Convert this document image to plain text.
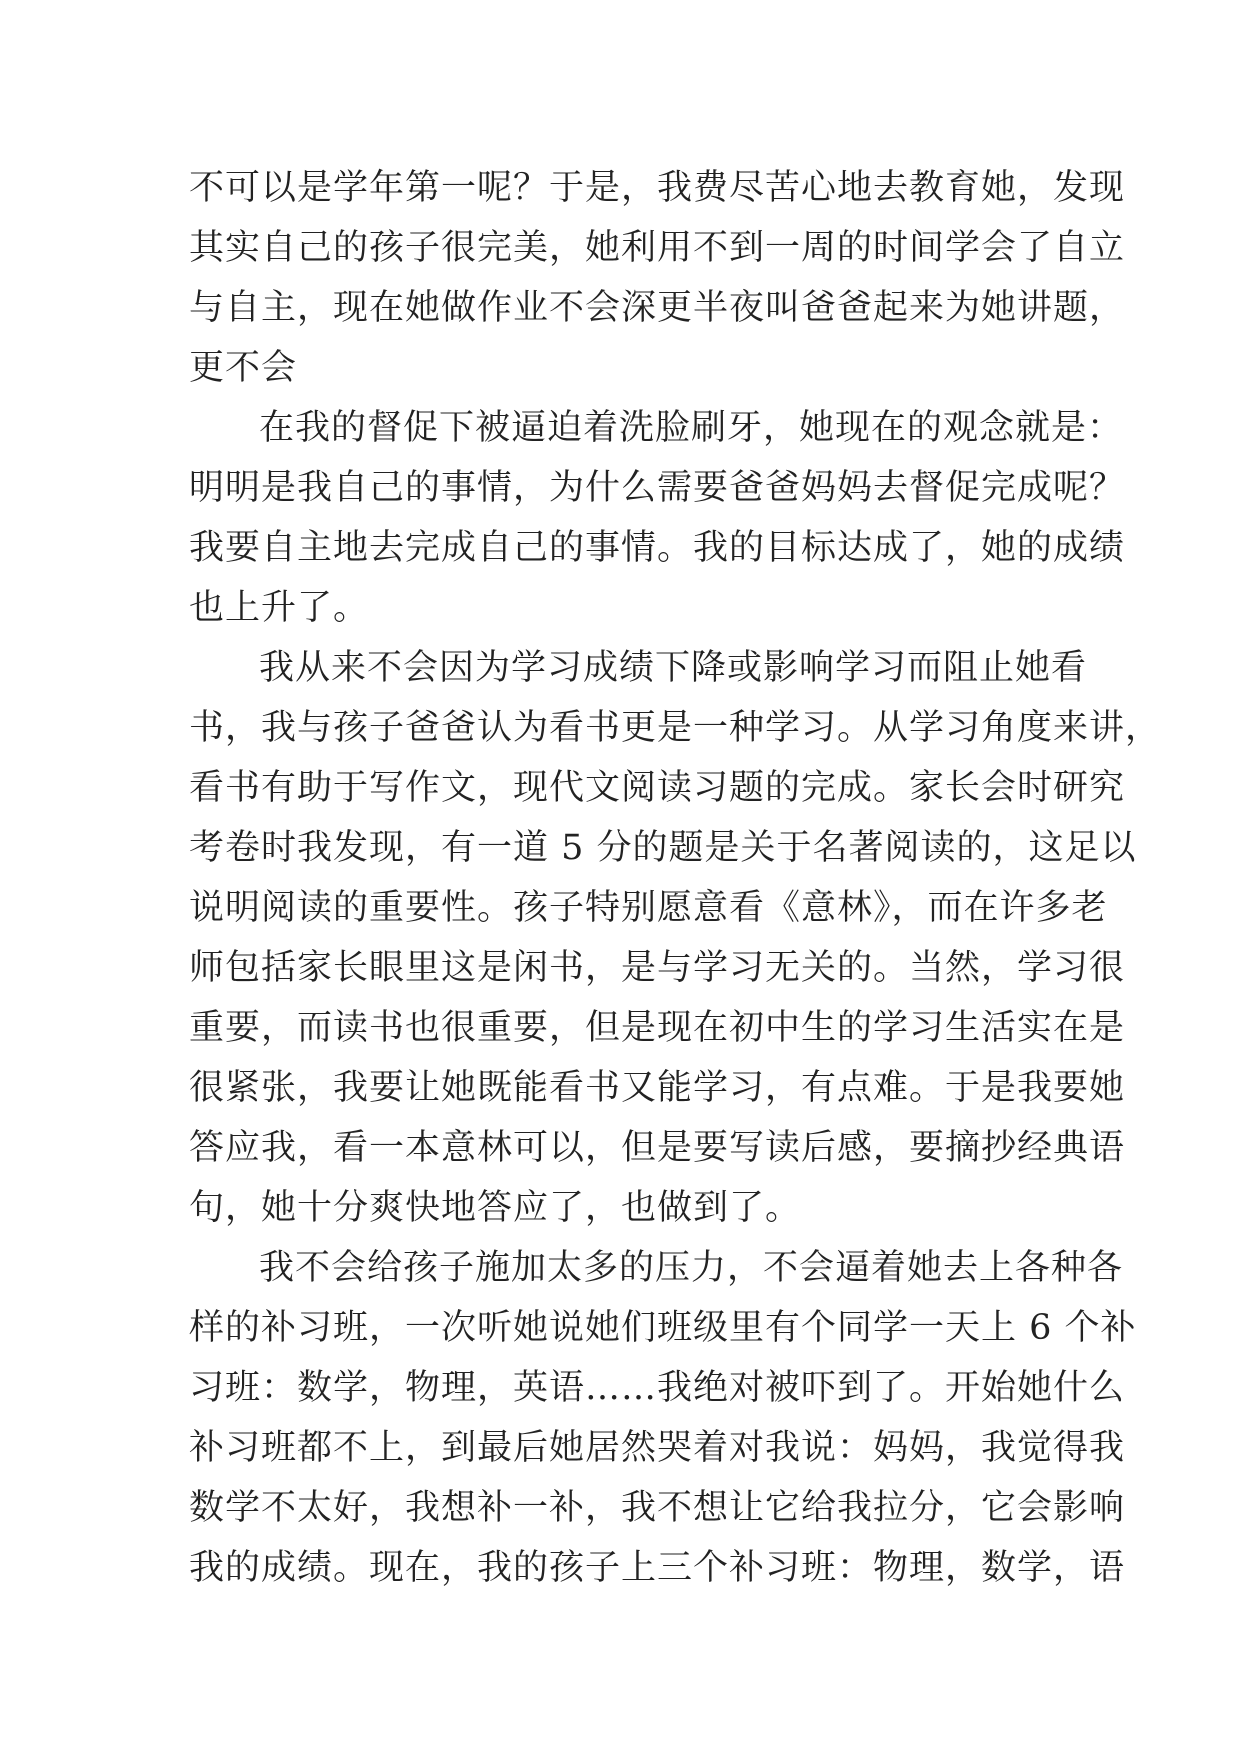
不可以是学年第一呢？于是，我费尽苦心地去教育她，发现
其实自己的孩子很完美，她利用不到一周的时间学会了自立
与自主，现在她做作业不会深更半夜叫爸爸起来为她讲题，
更不会
在我的督促下被逼迫着洗脸刷牙，她现在的观念就是：
明明是我自己的事情，为什么需要爸爸妈妈去督促完成呢？
我要自主地去完成自己的事情。我的目标达成了，她的成绩
也上升了。
我从来不会因为学习成绩下降或影响学习而阻止她看
书，我与孩子爸爸认为看书更是一种学习。从学习角度来讲，
看书有助于写作文，现代文阅读习题的完成。家长会时研究
考卷时我发现，有一道 5 分的题是关于名著阅读的，这足以
说明阅读的重要性。孩子特别愿意看《意林》，而在许多老
师包括家长眼里这是闲书，是与学习无关的。当然，学习很
重要，而读书也很重要，但是现在初中生的学习生活实在是
很紧张，我要让她既能看书又能学习，有点难。于是我要她
答应我，看一本意林可以，但是要写读后感，要摘抄经典语
句，她十分爽快地答应了，也做到了。
我不会给孩子施加太多的压力，不会逼着她去上各种各
样的补习班，一次听她说她们班级里有个同学一天上 6 个补
习班：数学，物理，英语……我绝对被吓到了。开始她什么
补习班都不上，到最后她居然哭着对我说：妈妈，我觉得我
数学不太好，我想补一补，我不想让它给我拉分，它会影响
我的成绩。现在，我的孩子上三个补习班：物理，数学，语
